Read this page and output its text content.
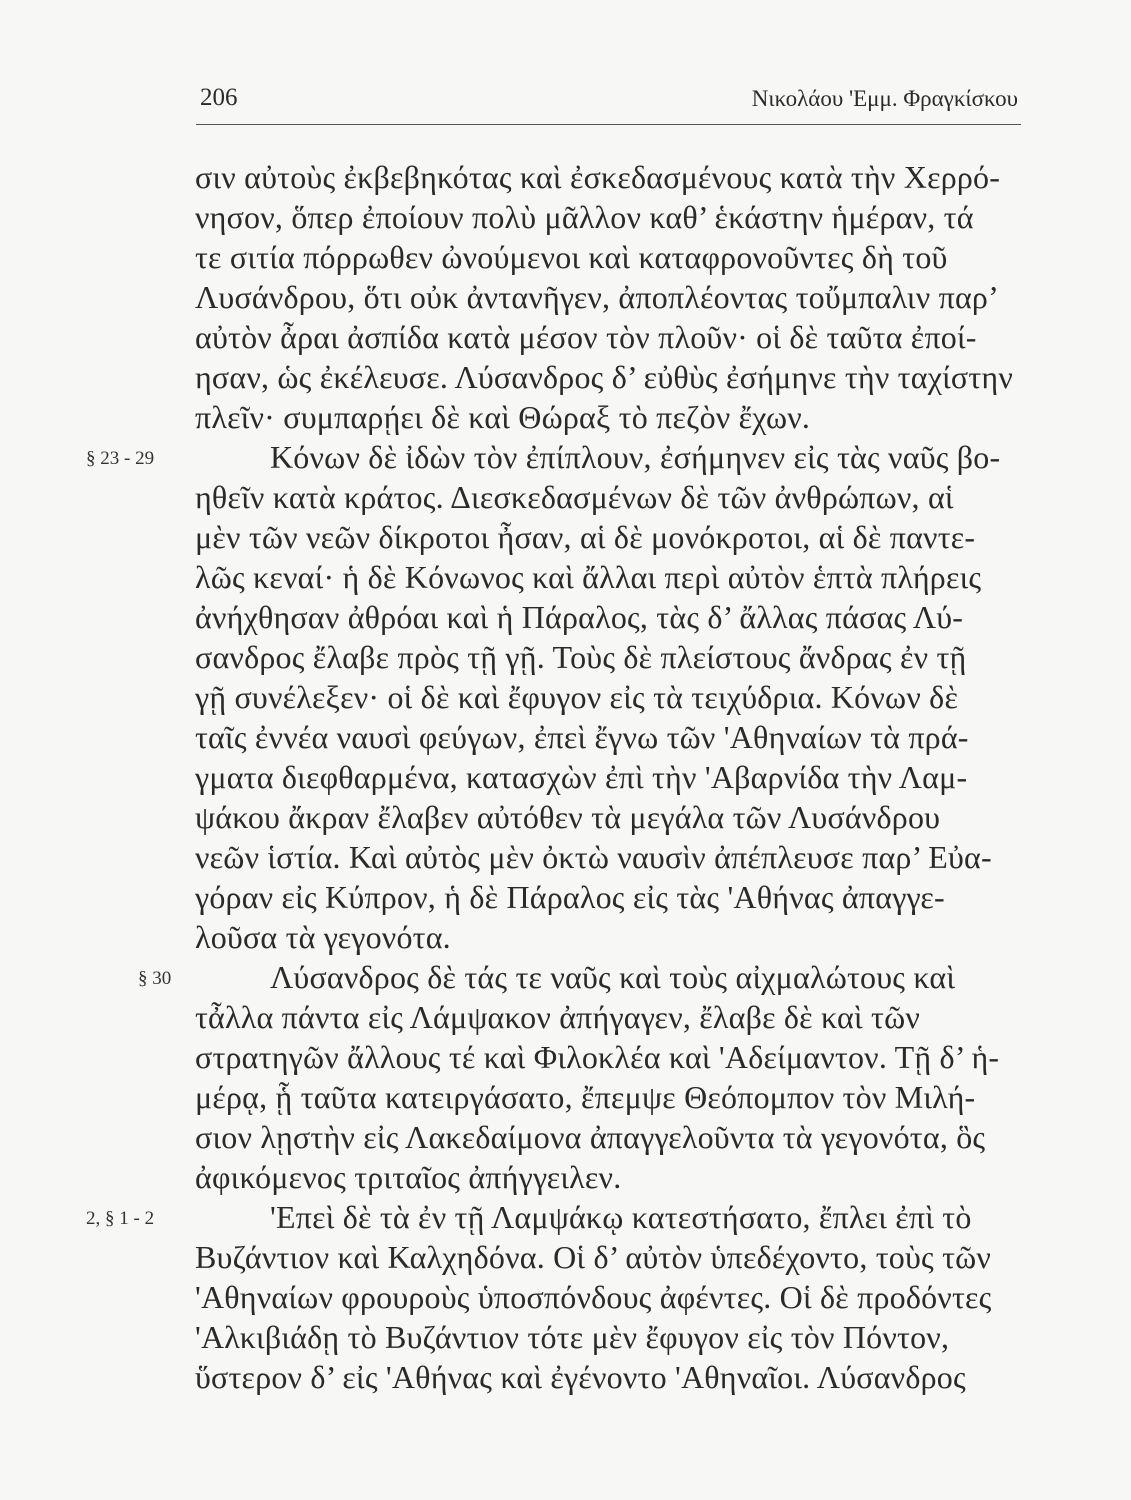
206	Νικολάου 'Εμμ. Φραγκίσκου
σιν αὐτοὺς ἐκβεβηκότας καὶ ἐσκεδασμένους κατὰ τὴν Χερρό-
νησον, ὅπερ ἐποίουν πολὺ μᾶλλον καθ’ ἑκάστην ἡμέραν, τά
τε σιτία πόρρωθεν ὠνούμενοι καὶ καταφρονοῦντες δὴ τοῦ
Λυσάνδρου, ὅτι οὐκ ἀντανῆγεν, ἀποπλέοντας τοὔμπαλιν παρ’
αὐτὸν ἆραι ἀσπίδα κατὰ μέσον τὸν πλοῦν· οἱ δὲ ταῦτα ἐποί-
ησαν, ὡς ἐκέλευσε. Λύσανδρος δ’ εὐθὺς ἐσήμηνε τὴν ταχίστην
πλεῖν· συμπαρῄει δὲ καὶ Θώραξ τὸ πεζὸν ἔχων.
Κόνων δὲ ἰδὼν τὸν ἐπίπλουν, ἐσήμηνεν εἰς τὰς ναῦς βο-
ηθεῖν κατὰ κράτος. Διεσκεδασμένων δὲ τῶν ἀνθρώπων, αἱ
μὲν τῶν νεῶν δίκροτοι ἦσαν, αἱ δὲ μονόκροτοι, αἱ δὲ παντε-
λῶς κεναί· ἡ δὲ Κόνωνος καὶ ἄλλαι περὶ αὐτὸν ἑπτὰ πλήρεις
ἀνήχθησαν ἀθρόαι καὶ ἡ Πάραλος, τὰς δ’ ἄλλας πάσας Λύ-
σανδρος ἔλαβε πρὸς τῇ γῇ. Τοὺς δὲ πλείστους ἄνδρας ἐν τῇ
γῇ συνέλεξεν· οἱ δὲ καὶ ἔφυγον εἰς τὰ τειχύδρια. Κόνων δὲ
ταῖς ἐννέα ναυσὶ φεύγων, ἐπεὶ ἔγνω τῶν 'Αθηναίων τὰ πρά-
γματα διεφθαρμένα, κατασχὼν ἐπὶ τὴν 'Αβαρνίδα τὴν Λαμ-
ψάκου ἄκραν ἔλαβεν αὐτόθεν τὰ μεγάλα τῶν Λυσάνδρου
νεῶν ἱστία. Καὶ αὐτὸς μὲν ὀκτὼ ναυσὶν ἀπέπλευσε παρ’ Εὐα-
γόραν εἰς Κύπρον, ἡ δὲ Πάραλος εἰς τὰς 'Αθήνας ἀπαγγε-
λοῦσα τὰ γεγονότα.
Λύσανδρος δὲ τάς τε ναῦς καὶ τοὺς αἰχμαλώτους καὶ
τἆλλα πάντα εἰς Λάμψακον ἀπήγαγεν, ἔλαβε δὲ καὶ τῶν
στρατηγῶν ἄλλους τέ καὶ Φιλοκλέα καὶ 'Αδείμαντον. Τῇ δ’ ἡ-
μέρᾳ, ᾗ ταῦτα κατειργάσατο, ἔπεμψε Θεόπομπον τὸν Μιλή-
σιον λῃστὴν εἰς Λακεδαίμονα ἀπαγγελοῦντα τὰ γεγονότα, ὃς
ἀφικόμενος τριταῖος ἀπήγγειλεν.
'Επεὶ δὲ τὰ ἐν τῇ Λαμψάκῳ κατεστήσατο, ἔπλει ἐπὶ τὸ
Βυζάντιον καὶ Καλχηδόνα. Οἱ δ’ αὐτὸν ὑπεδέχοντο, τοὺς τῶν
'Αθηναίων φρουροὺς ὑποσπόνδους ἀφέντες. Οἱ δὲ προδόντες
'Αλκιβιάδῃ τὸ Βυζάντιον τότε μὲν ἔφυγον εἰς τὸν Πόντον,
ὕστερον δ’ εἰς 'Αθήνας καὶ ἐγένοντο 'Αθηναῖοι. Λύσανδρος
§ 23 - 29
§ 30
2, § 1 - 2
